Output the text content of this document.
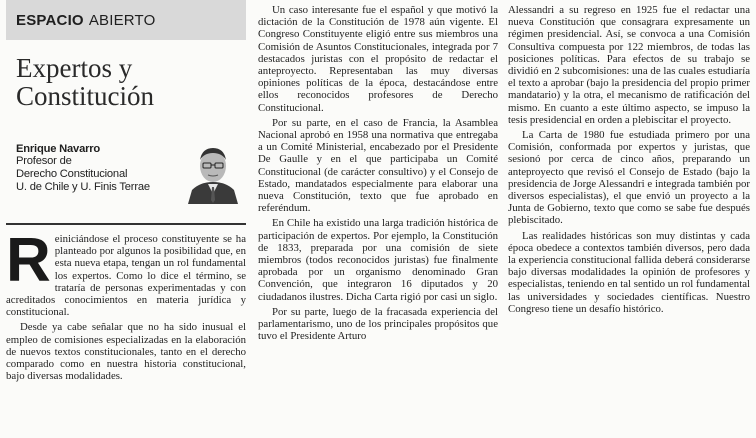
ESPACIO ABIERTO
Expertos y
Constitución
Enrique Navarro
Profesor de
Derecho Constitucional
U. de Chile y U. Finis Terrae

Reiniciándose el proceso constituyente se ha planteado por algunos la posibilidad que, en esta nueva etapa, tengan un rol fundamental los expertos. Como lo dice el término, se trataría de personas experimentadas y con acreditados conocimientos en materia jurídica y constitucional.

Desde ya cabe señalar que no ha sido inusual el empleo de comisiones especializadas en la elaboración de nuevos textos constitucionales, tanto en el derecho comparado como en nuestra historia constitucional, bajo diversas modalidades.

Un caso interesante fue el español y que motivó la dictación de la Constitución de 1978 aún vigente. El Congreso Constituyente eligió entre sus miembros una Comisión de Asuntos Constitucionales, integrada por 7 destacados juristas con el propósito de redactar el anteproyecto. Representaban las muy diversas opiniones políticas de la época, destacándose entre ellos reconocidos profesores de Derecho Constitucional.

Por su parte, en el caso de Francia, la Asamblea Nacional aprobó en 1958 una normativa que entregaba a un Comité Ministerial, encabezado por el Presidente De Gaulle y en el que participaba un Comité Constitucional (de carácter consultivo) y el Consejo de Estado, mandatados especialmente para elaborar una nueva Constitución, texto que fue aprobado en referéndum.

En Chile ha existido una larga tradición histórica de participación de expertos. Por ejemplo, la Constitución de 1833, preparada por una comisión de siete miembros (todos reconocidos juristas) fue finalmente aprobada por un organismo denominado Gran Convención, que integraron 16 diputados y 20 ciudadanos ilustres. Dicha Carta rigió por casi un siglo.

Por su parte, luego de la fracasada experiencia del parlamentarismo, uno de los principales propósitos que tuvo el Presidente Arturo

Alessandri a su regreso en 1925 fue el redactar una nueva Constitución que consagrara expresamente un régimen presidencial. Así, se convoca a una Comisión Consultiva compuesta por 122 miembros, de todas las posiciones políticas. Para efectos de su trabajo se dividió en 2 subcomisiones: una de las cuales estudiaría el texto a aprobar (bajo la presidencia del propio primer mandatario) y la otra, el mecanismo de ratificación del mismo. En cuanto a este último aspecto, se impuso la tesis presidencial en orden a plebiscitar el proyecto.

La Carta de 1980 fue estudiada primero por una Comisión, conformada por expertos y juristas, que sesionó por cerca de cinco años, preparando un anteproyecto que revisó el Consejo de Estado (bajo la presidencia de Jorge Alessandri e integrada también por diversos especialistas), el que envió un proyecto a la Junta de Gobierno, texto que como se sabe fue después plebiscitado.

Las realidades históricas son muy distintas y cada época obedece a contextos también diversos, pero dada la experiencia constitucional fallida deberá considerarse bajo diversas modalidades la opinión de profesores y especialistas, teniendo en tal sentido un rol fundamental las universidades y sociedades científicas. Nuestro Congreso tiene un desafío histórico.
